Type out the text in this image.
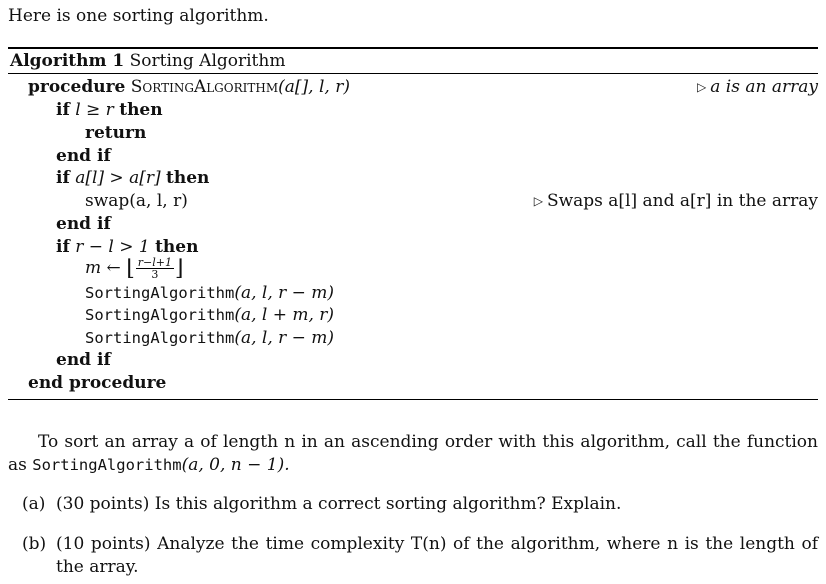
Here is one sorting algorithm.
Algorithm 1 Sorting Algorithm
procedure SortingAlgorithm(a[], l, r)	▷ a is an array
if l ≥ r then
return
end if
if a[l] > a[r] then
swap(a, l, r)	▷ Swaps a[l] and a[r] in the array
end if
if r − l > 1 then
m ← ⌊ $\frac{r-l+1}{3}$ ⌋
SortingAlgorithm(a, l, r − m)
SortingAlgorithm(a, l + m, r)
SortingAlgorithm(a, l, r − m)
end if
end procedure

To sort an array a of length n in an ascending order with this algorithm, call the function as SortingAlgorithm(a, 0, n − 1).

(a) (30 points) Is this algorithm a correct sorting algorithm? Explain.
(b) (10 points) Analyze the time complexity T(n) of the algorithm, where n is the length of the array.
